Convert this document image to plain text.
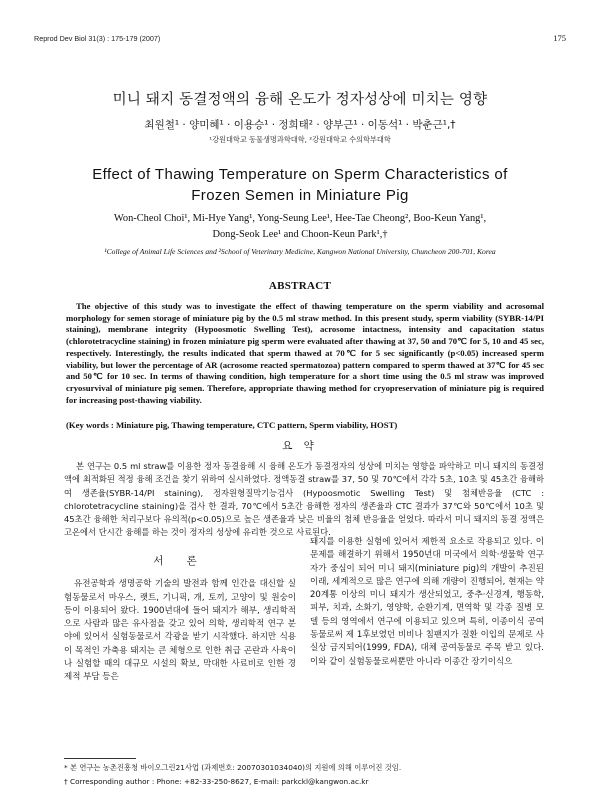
Reprod Dev Biol 31(3) : 175-179 (2007)	175
미니 돼지 동결정액의 융해 온도가 정자성상에 미치는 영향
최원철¹ · 양미혜¹ · 이용승¹ · 정희태² · 양부근¹ · 이동석¹ · 박춘근¹,†
¹강원대학교 동물생명과학대학, ²강원대학교 수의학부대학
Effect of Thawing Temperature on Sperm Characteristics of
Frozen Semen in Miniature Pig
Won-Cheol Choi¹, Mi-Hye Yang¹, Yong-Seung Lee¹, Hee-Tae Cheong², Boo-Keun Yang¹,
Dong-Seok Lee¹ and Choon-Keun Park¹,†
¹College of Animal Life Sciences and ²School of Veterinary Medicine, Kangwon National University, Chuncheon 200-701, Korea
ABSTRACT
The objective of this study was to investigate the effect of thawing temperature on the sperm viability and acrosomal morphology for semen storage of miniature pig by the 0.5 ml straw method. In this present study, sperm viability (SYBR-14/PI staining), membrane integrity (Hypoosmotic Swelling Test), acrosome intactness, intensity and capacitation status (chlorotetracycline staining) in frozen miniature pig sperm were evaluated after thawing at 37, 50 and 70℃ for 5, 10 and 45 sec, respectively. Interestingly, the results indicated that sperm thawed at 70℃ for 5 sec significantly (p<0.05) increased sperm viability, but lower the percentage of AR (acrosome reacted spermatozoa) pattern compared to sperm thawed at 37℃ for 45 sec and 50℃ for 10 sec. In terms of thawing condition, high temperature for a short time using the 0.5 ml straw was improved cryosurvival of miniature pig semen. Therefore, appropriate thawing method for cryopreservation of miniature pig is required for increasing post-thawing viability.
(Key words : Miniature pig, Thawing temperature, CTC pattern, Sperm viability, HOST)
요 약
본 연구는 0.5 ml straw를 이용한 정자 동결융해 시 융해 온도가 동결정자의 성상에 미치는 영향을 파악하고 미니 돼지의 동결정액에 최적화된 적정 융해 조건을 찾기 위하여 실시하였다. 정액동결 straw를 37, 50 및 70℃에서 각각 5초, 10초 및 45초간 융해하여 생존율(SYBR-14/PI staining), 정자원형질막기능검사 (Hypoosmotic Swelling Test) 및 첨체반응율 (CTC : chlorotetracycline staining)을 검사 한 결과, 70℃에서 5초간 융해한 정자의 생존율과 CTC 결과가 37℃와 50℃에서 10초 및 45초간 융해한 처리구보다 유의적(p<0.05)으로 높은 생존율과 낮은 비율의 첨체 반응율을 얻었다. 따라서 미니 돼지의 동결 정액은 고온에서 단시간 융해를 하는 것이 정자의 성상에 유리한 것으로 사료된다.
서 론
유전공학과 생명공학 기술의 발전과 함께 인간을 대신할 실험동물로서 마우스, 랫트, 기니픽, 개, 토끼, 고양이 및 원숭이 등이 이용되어 왔다. 1900년대에 들어 돼지가 해부, 생리학적으로 사람과 많은 유사점을 갖고 있어 의학, 생리학적 연구 분야에 있어서 실험동물로서 각광을 받기 시작했다. 하지만 식용이 목적인 가축용 돼지는 큰 체형으로 인한 취급 곤란과 사육이나 실험할 때의 대규모 시설의 확보, 막대한 사료비로 인한 경제적 부담 등은
돼지를 이용한 실험에 있어서 제한적 요소로 작용되고 있다. 이 문제를 해결하기 위해서 1950년대 미국에서 의학·생물학 연구자가 중심이 되어 미니 돼지(miniature pig)의 개발이 추진된 이래, 세계적으로 많은 연구에 의해 개량이 진행되어, 현재는 약 20계통 이상의 미니 돼지가 생산되었고, 중추·신경계, 행동학, 피부, 치과, 소화기, 영양학, 순환기계, 면역학 및 각종 질병 모델 등의 영역에서 연구에 이용되고 있으며 특히, 이종이식 공여동물로써 제 1후보였던 비비나 침팬지가 질환 이입의 문제로 사실상 금지되어(1999, FDA), 대체 공여동물로 주목 받고 있다. 이와 같이 실험동물로써뿐만 아니라 이종간 장기이식으
* 본 연구는 농촌진흥청 바이오그린21사업 (과제번호: 20070301034040)의 지원에 의해 이루어진 것임.
† Corresponding author : Phone: +82-33-250-8627, E-mail: parkckl@kangwon.ac.kr
